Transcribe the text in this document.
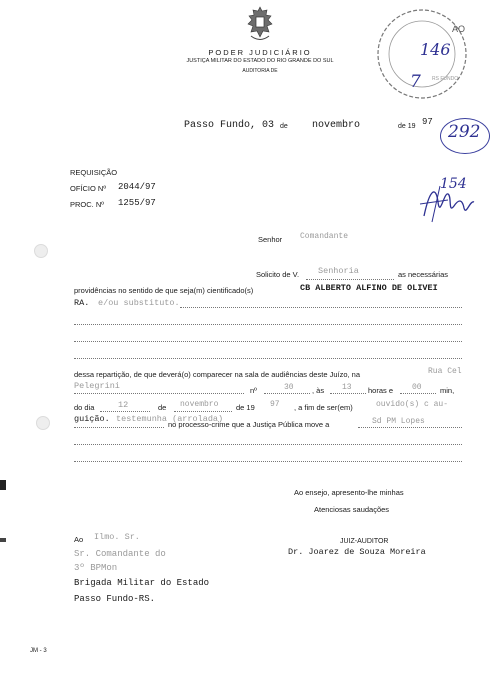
PODER JUDICIÁRIO
JUSTIÇA MILITAR DO ESTADO DO RIO GRANDE DO SUL
AUDITORIA DE
146
7
AO
RS FUNDO
Passo Fundo, 03 de novembro	de 19 97 292
154
REQUISIÇÃO
OFÍCIO Nº 2044/97
PROC. Nº 1255/97
Senhor Comandante
Solicito de V. Senhoria	as necessárias
providências no sentido de que seja(m) cientificado(s)	CB ALBERTO ALFINO DE OLIVEI
RA. e/ou substituto.
dessa repartição, de que deverá(o) comparecer na sala de audiências deste Juízo, na	Rua Cel
Pelegrini	nº	30 , às 13 horas e 00 min,
do dia	12	de novembro de 19 97 , a fim de ser(em)	ouvido(s) c au-
guição. testemunha (arrolada)
no processo-crime que a Justiça Pública move a	Sd PM Lopes
Ao ensejo, apresento-lhe minhas
Atenciosas saudações
JUIZ-AUDITOR
Dr. Joarez de Souza Moreira
Ao Ilmo. Sr.
Sr. Comandante do
3º BPMon
Brigada Militar do Estado
Passo Fundo-RS.
JM - 3
